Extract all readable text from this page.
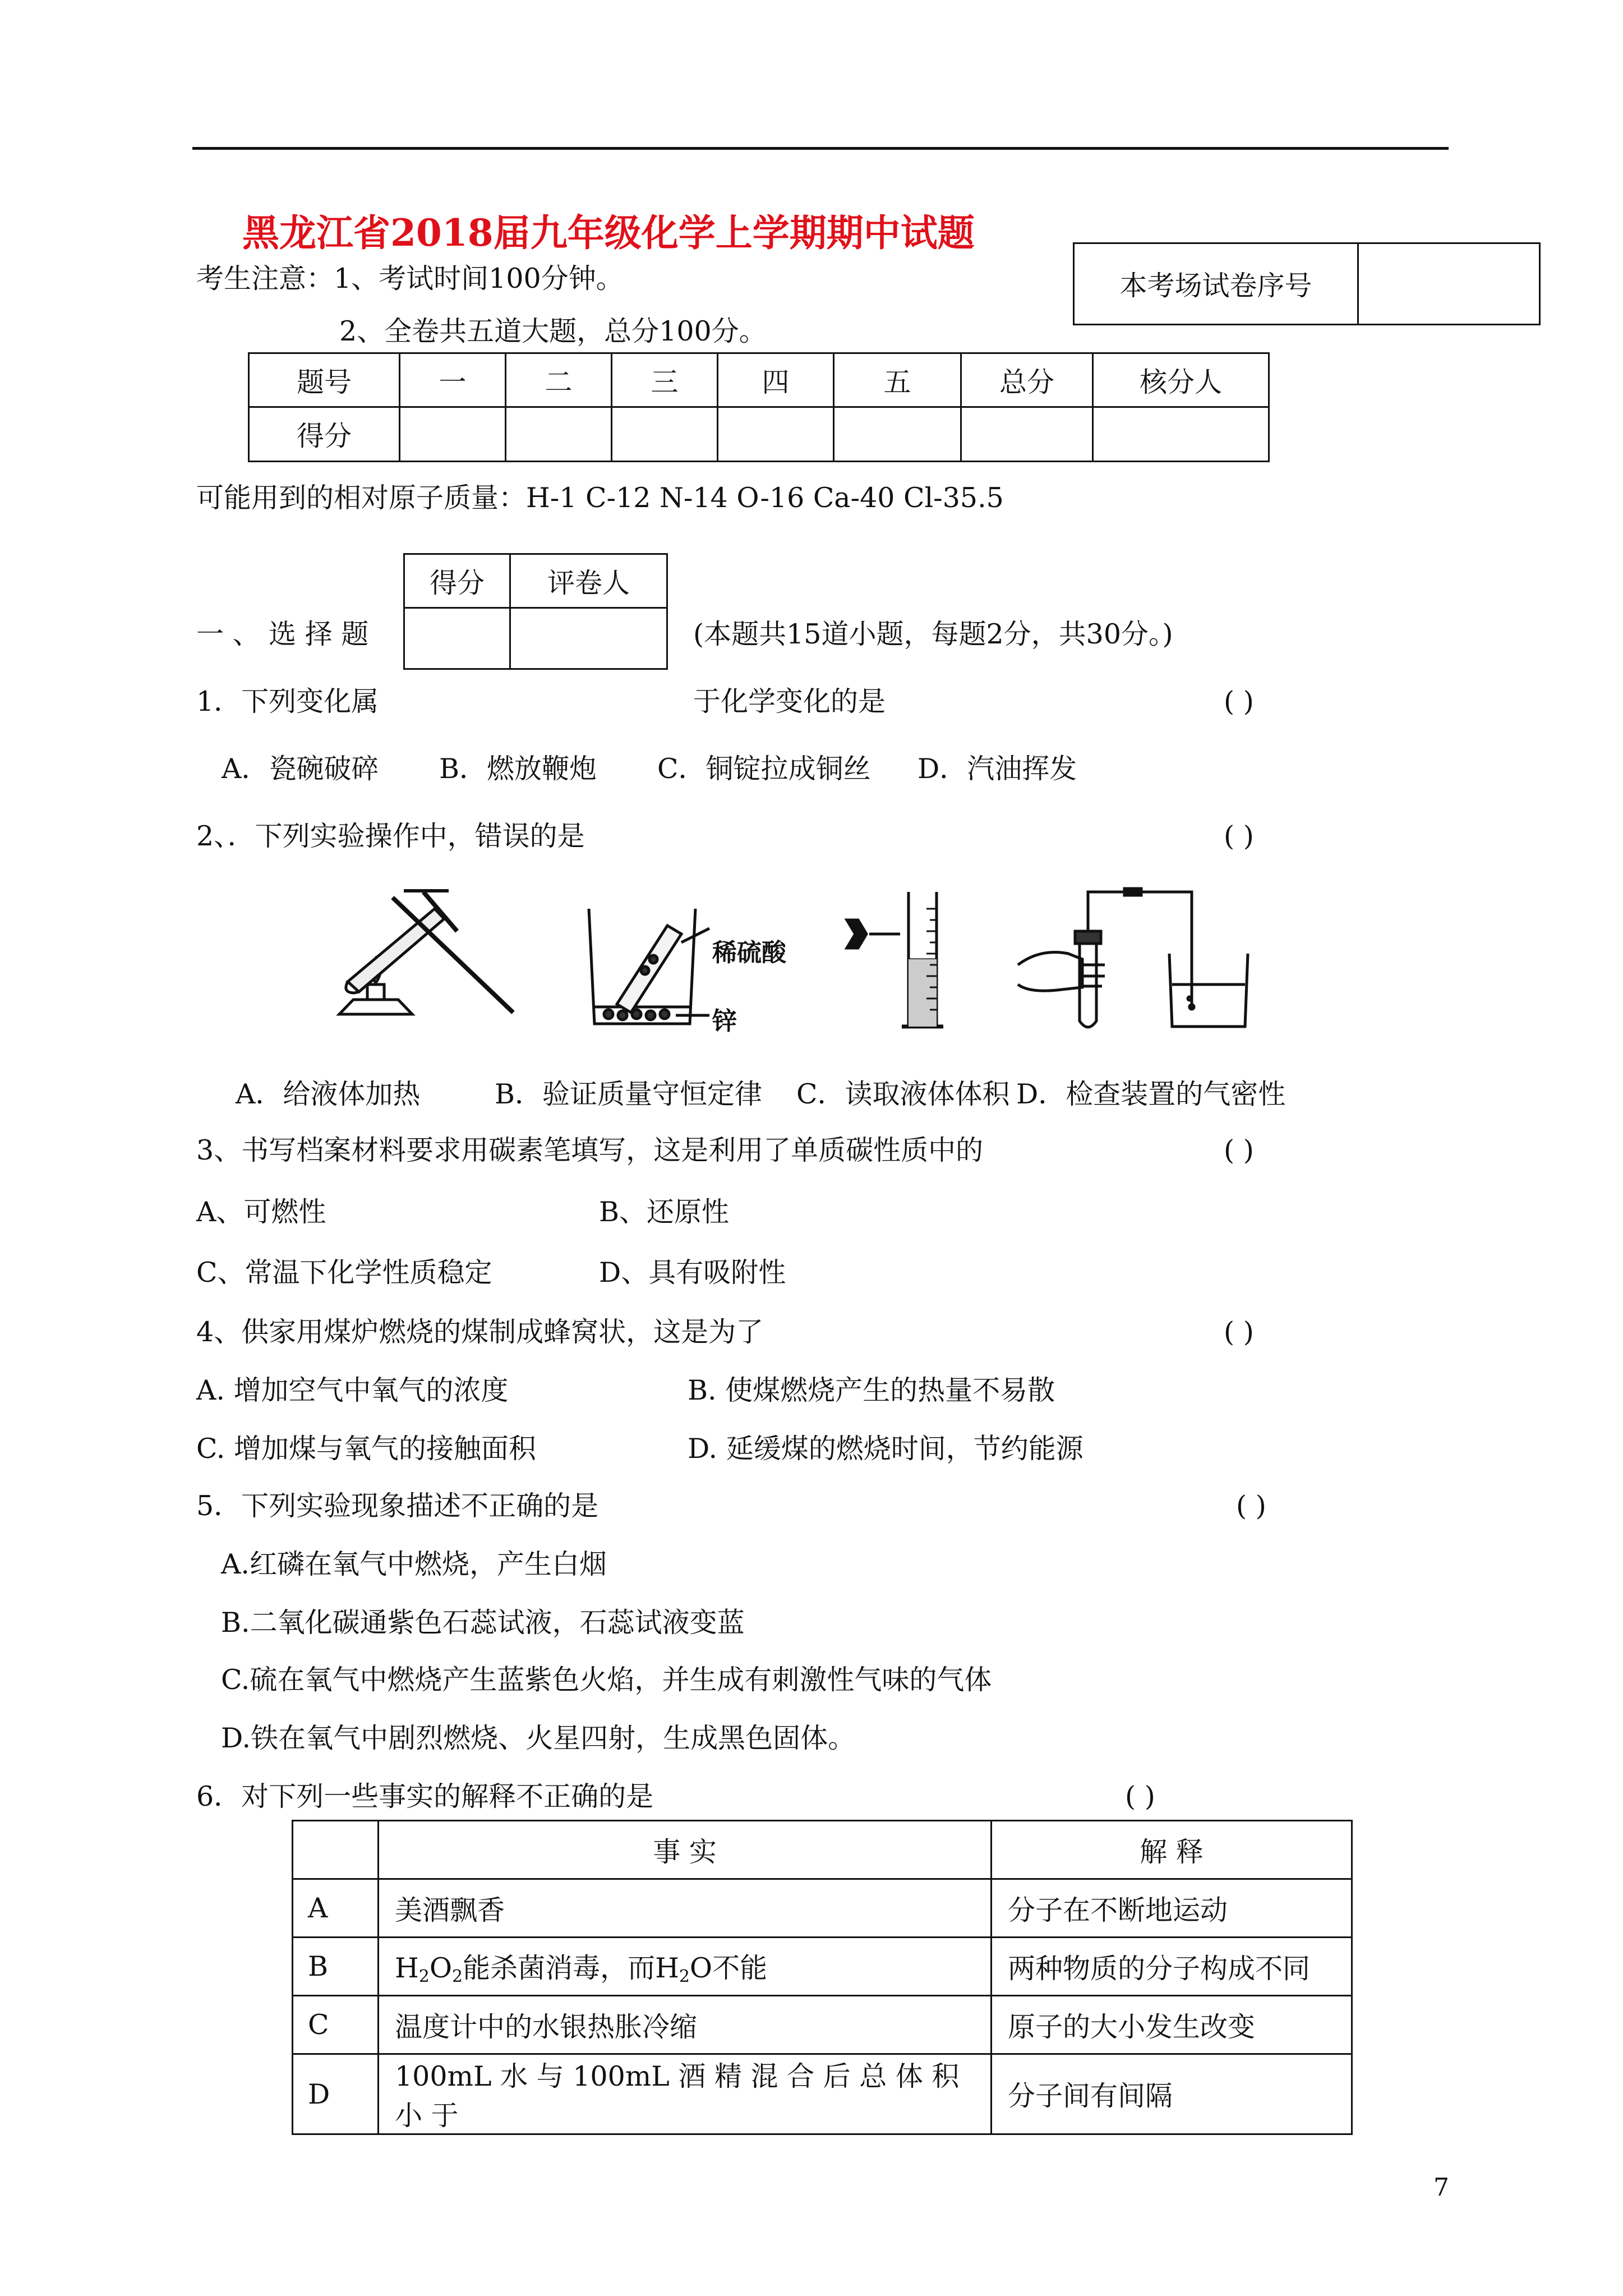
黑龙江省2018届九年级化学上学期期中试题
考生注意：1、考试时间100分钟。
2、全卷共五道大题，总分100分。
本考场试卷序号	
题号	一	二	三	四	五	总分	核分人
得分							
可能用到的相对原子质量：H-1 C-12 N-14 O-16 Ca-40 Cl-35.5
得分	评卷人

一 、 选 择 题	(本题共15道小题，每题2分，共30分。)
1．下列变化属	于化学变化的是	( )
A．瓷碗破碎 B．燃放鞭炮 C．铜锭拉成铜丝 D．汽油挥发
2、．下列实验操作中，错误的是	( )
稀硫酸
锌
A．给液体加热	B．验证质量守恒定律 C．读取液体体积 D．检查装置的气密性
3、书写档案材料要求用碳素笔填写，这是利用了单质碳性质中的	( )
A、可燃性	B、还原性
C、常温下化学性质稳定	D、具有吸附性
4、供家用煤炉燃烧的煤制成蜂窝状，这是为了	( )
A. 增加空气中氧气的浓度	B. 使煤燃烧产生的热量不易散
C. 增加煤与氧气的接触面积	D. 延缓煤的燃烧时间，节约能源
5．下列实验现象描述不正确的是	( )
A.红磷在氧气中燃烧，产生白烟
B.二氧化碳通紫色石蕊试液，石蕊试液变蓝
C.硫在氧气中燃烧产生蓝紫色火焰，并生成有刺激性气味的气体
D.铁在氧气中剧烈燃烧、火星四射，生成黑色固体。
6．对下列一些事实的解释不正确的是	( )
	事 实	解 释
A	美酒飘香	分子在不断地运动
B	$H_2O_2$能杀菌消毒，而$H_2O$不能	两种物质的分子构成不同
C	温度计中的水银热胀冷缩	原子的大小发生改变
D	100mL 水 与 100mL 酒 精 混 合 后 总 体 积 小 于	分子间有间隔
7
